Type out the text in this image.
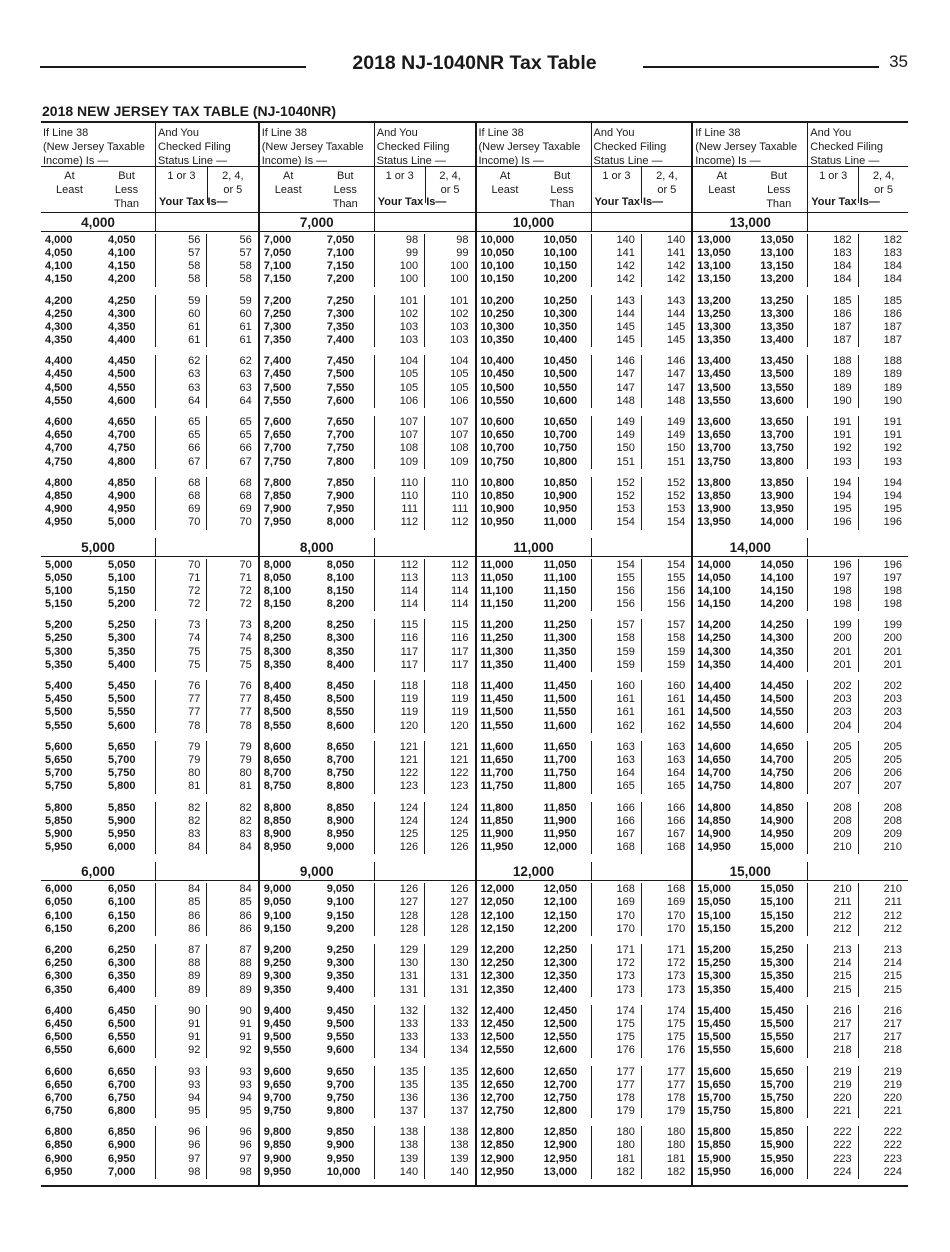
2018 NJ-1040NR Tax Table	35
2018 NEW JERSEY TAX TABLE (NJ-1040NR)
If Line 38
(New Jersey Taxable
Income) Is —
At
Least
But
Less
Than
And You
Checked Filing
Status Line —
1 or 3	2, 4,
or 5
Your Tax Is—
4,000
4,000	4,050	56	56
4,050	4,100	57	57
4,100	4,150	58	58
4,150	4,200	58	58
4,200	4,250	59	59
4,250	4,300	60	60
4,300	4,350	61	61
4,350	4,400	61	61
4,400	4,450	62	62
4,450	4,500	63	63
4,500	4,550	63	63
4,550	4,600	64	64
4,600	4,650	65	65
4,650	4,700	65	65
4,700	4,750	66	66
4,750	4,800	67	67
4,800	4,850	68	68
4,850	4,900	68	68
4,900	4,950	69	69
4,950	5,000	70	70
5,000
5,000	5,050	70	70
5,050	5,100	71	71
5,100	5,150	72	72
5,150	5,200	72	72
5,200	5,250	73	73
5,250	5,300	74	74
5,300	5,350	75	75
5,350	5,400	75	75
5,400	5,450	76	76
5,450	5,500	77	77
5,500	5,550	77	77
5,550	5,600	78	78
5,600	5,650	79	79
5,650	5,700	79	79
5,700	5,750	80	80
5,750	5,800	81	81
5,800	5,850	82	82
5,850	5,900	82	82
5,900	5,950	83	83
5,950	6,000	84	84
6,000
6,000	6,050	84	84
6,050	6,100	85	85
6,100	6,150	86	86
6,150	6,200	86	86
6,200	6,250	87	87
6,250	6,300	88	88
6,300	6,350	89	89
6,350	6,400	89	89
6,400	6,450	90	90
6,450	6,500	91	91
6,500	6,550	91	91
6,550	6,600	92	92
6,600	6,650	93	93
6,650	6,700	93	93
6,700	6,750	94	94
6,750	6,800	95	95
6,800	6,850	96	96
6,850	6,900	96	96
6,900	6,950	97	97
6,950	7,000	98	98
If Line 38
(New Jersey Taxable
Income) Is —
At
Least
But
Less
Than
And You
Checked Filing
Status Line —
1 or 3	2, 4,
or 5
Your Tax Is—
7,000
7,000	7,050	98	98
7,050	7,100	99	99
7,100	7,150	100	100
7,150	7,200	100	100
7,200	7,250	101	101
7,250	7,300	102	102
7,300	7,350	103	103
7,350	7,400	103	103
7,400	7,450	104	104
7,450	7,500	105	105
7,500	7,550	105	105
7,550	7,600	106	106
7,600	7,650	107	107
7,650	7,700	107	107
7,700	7,750	108	108
7,750	7,800	109	109
7,800	7,850	110	110
7,850	7,900	110	110
7,900	7,950	111	111
7,950	8,000	112	112
8,000
8,000	8,050	112	112
8,050	8,100	113	113
8,100	8,150	114	114
8,150	8,200	114	114
8,200	8,250	115	115
8,250	8,300	116	116
8,300	8,350	117	117
8,350	8,400	117	117
8,400	8,450	118	118
8,450	8,500	119	119
8,500	8,550	119	119
8,550	8,600	120	120
8,600	8,650	121	121
8,650	8,700	121	121
8,700	8,750	122	122
8,750	8,800	123	123
8,800	8,850	124	124
8,850	8,900	124	124
8,900	8,950	125	125
8,950	9,000	126	126
9,000
9,000	9,050	126	126
9,050	9,100	127	127
9,100	9,150	128	128
9,150	9,200	128	128
9,200	9,250	129	129
9,250	9,300	130	130
9,300	9,350	131	131
9,350	9,400	131	131
9,400	9,450	132	132
9,450	9,500	133	133
9,500	9,550	133	133
9,550	9,600	134	134
9,600	9,650	135	135
9,650	9,700	135	135
9,700	9,750	136	136
9,750	9,800	137	137
9,800	9,850	138	138
9,850	9,900	138	138
9,900	9,950	139	139
9,950	10,000	140	140
If Line 38
(New Jersey Taxable
Income) Is —
At
Least
But
Less
Than
And You
Checked Filing
Status Line —
1 or 3	2, 4,
or 5
Your Tax Is—
10,000
10,000	10,050	140	140
10,050	10,100	141	141
10,100	10,150	142	142
10,150	10,200	142	142
10,200	10,250	143	143
10,250	10,300	144	144
10,300	10,350	145	145
10,350	10,400	145	145
10,400	10,450	146	146
10,450	10,500	147	147
10,500	10,550	147	147
10,550	10,600	148	148
10,600	10,650	149	149
10,650	10,700	149	149
10,700	10,750	150	150
10,750	10,800	151	151
10,800	10,850	152	152
10,850	10,900	152	152
10,900	10,950	153	153
10,950	11,000	154	154
11,000
11,000	11,050	154	154
11,050	11,100	155	155
11,100	11,150	156	156
11,150	11,200	156	156
11,200	11,250	157	157
11,250	11,300	158	158
11,300	11,350	159	159
11,350	11,400	159	159
11,400	11,450	160	160
11,450	11,500	161	161
11,500	11,550	161	161
11,550	11,600	162	162
11,600	11,650	163	163
11,650	11,700	163	163
11,700	11,750	164	164
11,750	11,800	165	165
11,800	11,850	166	166
11,850	11,900	166	166
11,900	11,950	167	167
11,950	12,000	168	168
12,000
12,000	12,050	168	168
12,050	12,100	169	169
12,100	12,150	170	170
12,150	12,200	170	170
12,200	12,250	171	171
12,250	12,300	172	172
12,300	12,350	173	173
12,350	12,400	173	173
12,400	12,450	174	174
12,450	12,500	175	175
12,500	12,550	175	175
12,550	12,600	176	176
12,600	12,650	177	177
12,650	12,700	177	177
12,700	12,750	178	178
12,750	12,800	179	179
12,800	12,850	180	180
12,850	12,900	180	180
12,900	12,950	181	181
12,950	13,000	182	182
If Line 38
(New Jersey Taxable
Income) Is —
At
Least
But
Less
Than
And You
Checked Filing
Status Line —
1 or 3	2, 4,
or 5
Your Tax Is—
13,000
13,000	13,050	182	182
13,050	13,100	183	183
13,100	13,150	184	184
13,150	13,200	184	184
13,200	13,250	185	185
13,250	13,300	186	186
13,300	13,350	187	187
13,350	13,400	187	187
13,400	13,450	188	188
13,450	13,500	189	189
13,500	13,550	189	189
13,550	13,600	190	190
13,600	13,650	191	191
13,650	13,700	191	191
13,700	13,750	192	192
13,750	13,800	193	193
13,800	13,850	194	194
13,850	13,900	194	194
13,900	13,950	195	195
13,950	14,000	196	196
14,000
14,000	14,050	196	196
14,050	14,100	197	197
14,100	14,150	198	198
14,150	14,200	198	198
14,200	14,250	199	199
14,250	14,300	200	200
14,300	14,350	201	201
14,350	14,400	201	201
14,400	14,450	202	202
14,450	14,500	203	203
14,500	14,550	203	203
14,550	14,600	204	204
14,600	14,650	205	205
14,650	14,700	205	205
14,700	14,750	206	206
14,750	14,800	207	207
14,800	14,850	208	208
14,850	14,900	208	208
14,900	14,950	209	209
14,950	15,000	210	210
15,000
15,000	15,050	210	210
15,050	15,100	211	211
15,100	15,150	212	212
15,150	15,200	212	212
15,200	15,250	213	213
15,250	15,300	214	214
15,300	15,350	215	215
15,350	15,400	215	215
15,400	15,450	216	216
15,450	15,500	217	217
15,500	15,550	217	217
15,550	15,600	218	218
15,600	15,650	219	219
15,650	15,700	219	219
15,700	15,750	220	220
15,750	15,800	221	221
15,800	15,850	222	222
15,850	15,900	222	222
15,900	15,950	223	223
15,950	16,000	224	224
